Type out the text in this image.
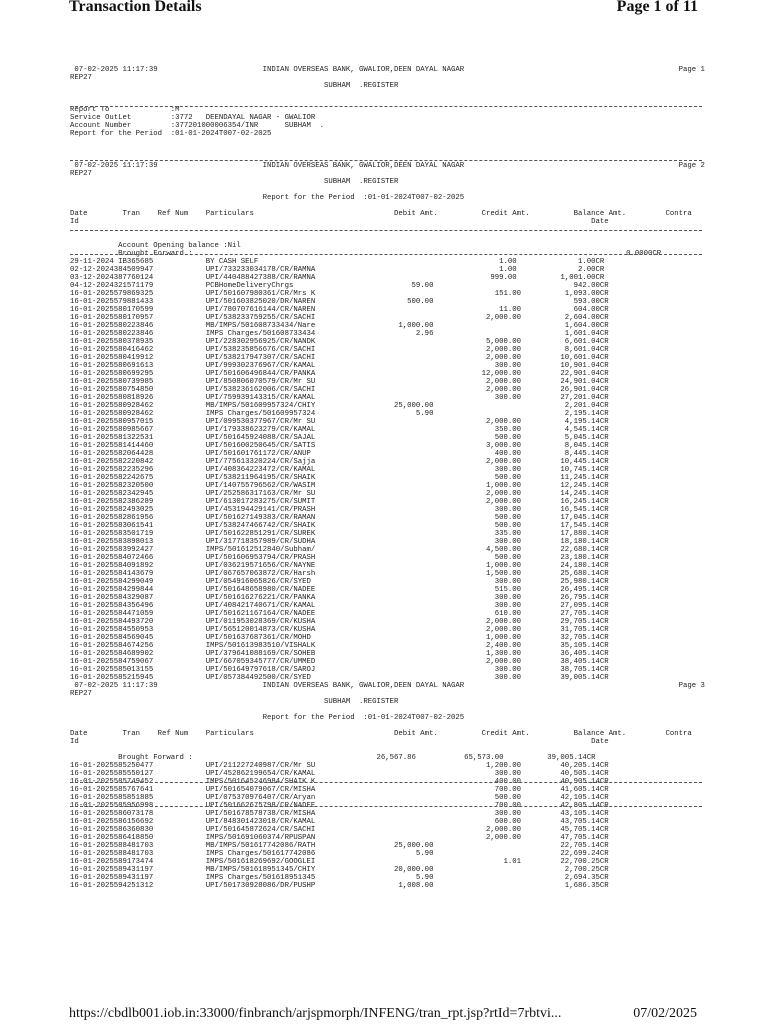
Transaction Details	Page 1 of 11
07-02-2025 11:17:39                        INDIAN OVERSEAS BANK, GWALIOR,DEEN DAYAL NAGAR                                                 Page 1
REP27
SUBHAM  .REGISTER
Report To              :M
Service OutLet         :3772   DEENDAYAL NAGAR - GWALIOR
Account Number         :377201000006354/INR      SUBHAM  .
Report for the Period  :01-01-2024T007-02-2025
07-02-2025 11:17:39                        INDIAN OVERSEAS BANK, GWALIOR,DEEN DAYAL NAGAR                                                 Page 2
REP27
SUBHAM  .REGISTER
Report for the Period  :01-01-2024T007-02-2025
Date        Tran    Ref Num    Particulars                                Debit Amt.          Credit Amt.          Balance Amt.         Contra
Id                                                                                                                     Date
Account Opening balance :Nil
Brought Forward :                                                                                                   0.0000CR
29-11-2024 IB365685            BY CASH SELF                                                       1.00              1.00CR
02-12-2024384509947            UPI/733233034178/CR/RAMNA                                          1.00              2.00CR
03-12-2024387760124            UPI/440488427388/CR/RAMNA                                        999.00          1,001.00CR
04-12-2024321571179            PCBHomeDeliveryChrgs                           59.00                                942.00CR
16-01-2025579869325            UPI/501607980361/CR/Mrs K                                         151.00          1,093.00CR
16-01-2025579881433            UPI/501603825020/DR/NAREN                     500.00                                593.00CR
16-01-2025580170599            UPI/780707616144/CR/NAREN                                          11.00            604.00CR
16-01-2025580170957            UPI/538233759255/CR/SACHI                                       2,000.00          2,604.00CR
16-01-2025580223846            MB/IMPS/501608733434/Nare                   1,000.00                              1,604.00CR
16-01-2025580223846            IMPS Charges/501608733434                       2.96                              1,601.04CR
16-01-2025580378935            UPI/228302956925/CR/NANDK                                       5,000.00          6,601.04CR
16-01-2025580416462            UPI/538235856676/CR/SACHI                                       2,000.00          8,601.04CR
16-01-2025580419912            UPI/538217947307/CR/SACHI                                       2,000.00         10,601.04CR
16-01-2025580691613            UPI/999302376967/CR/KAMAL                                         300.00         10,901.04CR
16-01-2025580699295            UPI/501606496844/CR/PANKA                                      12,000.00         22,901.04CR
16-01-2025580739985            UPI/850806070579/CR/Mr SU                                       2,000.00         24,901.04CR
16-01-2025580754850            UPI/538236162006/CR/SACHI                                       2,000.00         26,901.04CR
16-01-2025580818926            UPI/759939143315/CR/KAMAL                                         300.00         27,201.04CR
16-01-2025580928462            MB/IMPS/501609957324/CHIY                  25,000.00                              2,201.04CR
16-01-2025580928462            IMPS Charges/501609957324                       5.90                              2,195.14CR
16-01-2025580957015            UPI/099530377967/CR/Mr SU                                       2,000.00          4,195.14CR
16-01-2025580985667            UPI/179338623279/CR/KAMAL                                         350.00          4,545.14CR
16-01-2025581322531            UPI/501645924088/CR/SAJAL                                         500.00          5,045.14CR
16-01-2025581414460            UPI/501600250645/CR/SATIS                                       3,000.00          8,045.14CR
16-01-2025582064428            UPI/501601761172/CR/ANUP                                          400.00          8,445.14CR
16-01-2025582220842            UPI/775613320224/CR/Sajja                                       2,000.00         10,445.14CR
16-01-2025582235296            UPI/408364223472/CR/KAMAL                                         300.00         10,745.14CR
16-01-2025582242675            UPI/538211964195/CR/SHAIK                                         500.00         11,245.14CR
16-01-2025582320500            UPI/140755796562/CR/WASIM                                       1,000.00         12,245.14CR
16-01-2025582342945            UPI/252586317163/CR/Mr SU                                       2,000.00         14,245.14CR
16-01-2025582386289            UPI/613017283275/CR/SUMIT                                       2,000.00         16,245.14CR
16-01-2025582493025            UPI/453194429141/CR/PRASH                                         300.00         16,545.14CR
16-01-2025582861956            UPI/501627149383/CR/RAMAN                                         500.00         17,045.14CR
16-01-2025583061541            UPI/538247466742/CR/SHAIK                                         500.00         17,545.14CR
16-01-2025583501719            UPI/501622851291/CR/SUREK                                         335.00         17,880.14CR
16-01-2025583898013            UPI/317718357989/CR/SUDHA                                         300.00         18,180.14CR
16-01-2025583992427            IMPS/501612512840/Subham/                                       4,500.00         22,680.14CR
16-01-2025584072466            UPI/501606953794/CR/PRASH                                         500.00         23,180.14CR
16-01-2025584091892            UPI/036219571656/CR/NAYNE                                       1,000.00         24,180.14CR
16-01-2025584143679            UPI/067657063872/CR/Harsh                                       1,500.00         25,680.14CR
16-01-2025584299049            UPI/054916065826/CR/SYED                                          300.00         25,980.14CR
16-01-2025584299844            UPI/501648658980/CR/NADEE                                         515.00         26,495.14CR
16-01-2025584329087            UPI/501616276221/CR/PANKA                                         300.00         26,795.14CR
16-01-2025584356496            UPI/408421740671/CR/KAMAL                                         300.00         27,095.14CR
16-01-2025584471059            UPI/501621167164/CR/NADEE                                         610.00         27,705.14CR
16-01-2025584493720            UPI/011953028369/CR/KUSHA                                       2,000.00         29,705.14CR
16-01-2025584550953            UPI/565120014873/CR/KUSHA                                       2,000.00         31,705.14CR
16-01-2025584569045            UPI/501637687361/CR/MOHD                                        1,000.00         32,705.14CR
16-01-2025584674256            IMPS/501613983510/VISHALK                                       2,400.00         35,105.14CR
16-01-2025584689902            UPI/379641088169/CR/SOHEB                                       1,300.00         36,405.14CR
16-01-2025584759067            UPI/667059345777/CR/UMMED                                       2,000.00         38,405.14CR
16-01-2025585013155            UPI/501649797618/CR/SAROJ                                         300.00         38,705.14CR
16-01-2025585215945            UPI/057384492500/CR/SYED                                          300.00         39,005.14CR
07-02-2025 11:17:39                        INDIAN OVERSEAS BANK, GWALIOR,DEEN DAYAL NAGAR                                                 Page 3
REP27
SUBHAM  .REGISTER
Report for the Period  :01-01-2024T007-02-2025
Date        Tran    Ref Num    Particulars                                Debit Amt.          Credit Amt.          Balance Amt.         Contra
Id                                                                                                                     Date
Brought Forward :                                          26,567.86           65,573.00          39,005.14CR
16-01-2025585250477            UPI/211227240987/CR/Mr SU                                       1,200.00         40,205.14CR
16-01-2025585550127            UPI/452862199654/CR/KAMAL                                         300.00         40,505.14CR
16-01-2025585749452            IMPS/501645246984/SHAIK K                                         400.00         40,905.14CR
16-01-2025585767641            UPI/501654079067/CR/MISHA                                         700.00         41,605.14CR
16-01-2025585851885            UPI/075370976407/CR/Aryan                                         500.00         42,105.14CR
16-01-2025585956998            UPI/501662675798/CR/NADEE                                         700.00         42,805.14CR
16-01-2025586073178            UPI/501678578738/CR/MISHA                                         300.00         43,105.14CR
16-01-2025586156692            UPI/848301423018/CR/KAMAL                                         600.00         43,705.14CR
16-01-2025586360830            UPI/501645872624/CR/SACHI                                       2,000.00         45,705.14CR
16-01-2025586418850            IMPS/501691060374/RPUSPAN                                       2,000.00         47,705.14CR
16-01-2025588481703            MB/IMPS/501617742086/RATH                  25,000.00                             22,705.14CR
16-01-2025588481703            IMPS Charges/501617742086                       5.90                             22,699.24CR
16-01-2025589173474            IMPS/501618269692/GOOGLEI                                           1.01         22,700.25CR
16-01-2025589431197            MB/IMPS/501618951345/CHIY                  20,000.00                              2,700.25CR
16-01-2025589431197            IMPS Charges/501618951345                       5.90                              2,694.35CR
16-01-2025594251312            UPI/501730928086/DR/PUSHP                   1,008.00                              1,686.35CR
https://cbdlb001.iob.in:33000/finbranch/arjspmorph/INFENG/tran_rpt.jsp?rtId=7rbtvi...	07/02/2025
